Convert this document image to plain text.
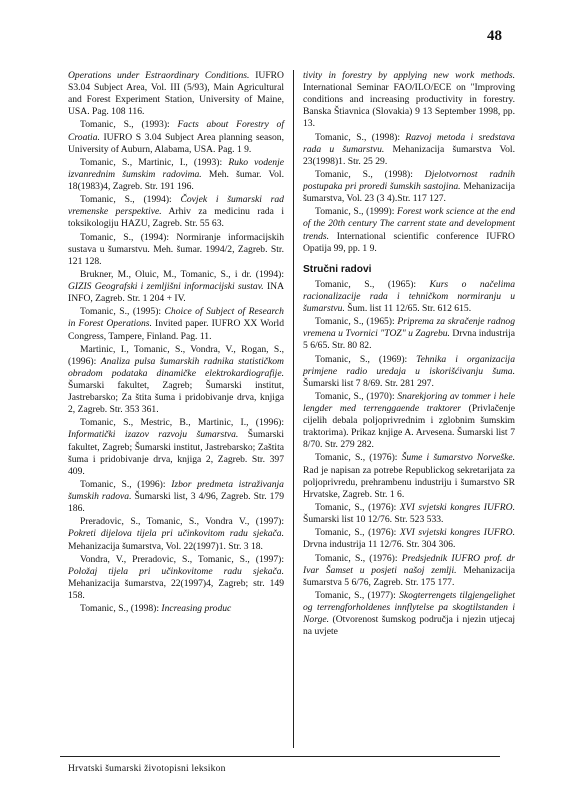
48

Operations under Estraordinary Conditions. IUFRO S3.04 Subject Area, Vol. III (5/93), Main Agricultural and Forest Experiment Station, University of Maine, USA. Pag. 108 116.

Tomanic, S., (1993): Facts about Forestry of Croatia. IUFRO S 3.04 Subject Area planning season, University of Auburn, Alabama, USA. Pag. 1 9.

Tomanic, S., Martinic, I., (1993): Ruko vodenje izvanrednim šumskim radovima. Meh. šumar. Vol. 18(1983)4, Zagreb. Str. 191 196.

Tomanic, S., (1994): Čovjek i šumarski rad vremenske perspektive. Arhiv za medicinu rada i toksikologiju HAZU, Zagreb. Str. 55 63.

Tomanic, S., (1994): Normiranje informacijskih sustava u šumarstvu. Meh. šumar. 1994/2, Zagreb. Str. 121 128.

Brukner, M., Oluic, M., Tomanic, S., i dr. (1994): GIZIS Geografski i zemljišni informacijski sustav. INA INFO, Zagreb. Str. 1 204 + IV.

Tomanic, S., (1995): Choice of Subject of Research in Forest Operations. Invited paper. IUFRO XX World Congress, Tampere, Finland. Pag. 11.

Martinic, I., Tomanic, S., Vondra, V., Rogan, S., (1996): Analiza pulsa šumarskih radnika statističkom obradom podataka dinamičke elektrokardiografije. Šumarski fakultet, Zagreb; Šumarski institut, Jastrebarsko; Za štita šuma i pridobivanje drva, knjiga 2, Zagreb. Str. 353 361.

Tomanic, S., Mestric, B., Martinic, I., (1996): Informatički izazov razvoju šumarstva. Šumarski fakultet, Zagreb; Šumarski institut, Jastrebarsko; Zaštita šuma i pridobivanje drva, knjiga 2, Zagreb. Str. 397 409.

Tomanic, S., (1996): Izbor predmeta istraživanja šumskih radova. Šumarski list, 3 4/96, Zagreb. Str. 179 186.

Preradovic, S., Tomanic, S., Vondra V., (1997): Pokreti dijelova tijela pri učinkovitom radu sjekača. Mehanizacija šumarstva, Vol. 22(1997)1. Str. 3 18.

Vondra, V., Preradovic, S., Tomanic, S., (1997): Položaj tijela pri učinkovitome radu sjekača. Mehanizacija šumarstva, 22(1997)4, Zagreb; str. 149 158.

Tomanic, S., (1998): Increasing produc

tivity in forestry by applying new work methods. International Seminar FAO/ILO/ECE on "Improving conditions and increasing productivity in forestry. Banska Štiavnica (Slovakia) 9 13 September 1998, pp. 13.

Tomanic, S., (1998): Razvoj metoda i sredstava rada u šumarstvu. Mehanizacija šumarstva Vol. 23(1998)1. Str. 25 29.

Tomanic, S., (1998): Djelotvornost radnih postupaka pri proredi šumskih sastojina. Mehanizacija šumarstva, Vol. 23 (3 4).Str. 117 127.

Tomanic, S., (1999): Forest work science at the end of the 20th century The carrent state and development trends. International scientific conference IUFRO Opatija 99, pp. 1 9.

Stručni radovi

Tomanic, S., (1965): Kurs o načelima racionalizacije rada i tehničkom normiranju u šumarstvu. Šum. list 11 12/65. Str. 612 615.

Tomanic, S., (1965): Priprema za skračenje radnog vremena u Tvornici "TOZ" u Zagrebu. Drvna industrija 5 6/65. Str. 80 82.

Tomanic, S., (1969): Tehnika i organizacija primjene radio uredaja u iskorišćivanju šuma. Šumarski list 7 8/69. Str. 281 297.

Tomanic, S., (1970): Snarekjoring av tommer i hele lengder med terrenggaende traktorer (Privlačenje cijelih debala poljoprivrednim i zglobnim šumskim traktorima). Prikaz knjige A. Arvesena. Šumarski list 7 8/70. Str. 279 282.

Tomanic, S., (1976): Šume i šumarstvo Norveške. Rad je napisan za potrebe Republickog sekretarijata za poljoprivredu, prehrambenu industriju i šumarstvo SR Hrvatske, Zagreb. Str. 1 6.

Tomanic, S., (1976): XVI svjetski kongres IUFRO. Šumarski list 10 12/76. Str. 523 533.

Tomanic, S., (1976): XVI svjetski kongres IUFRO. Drvna industrija 11 12/76. Str. 304 306.

Tomanic, S., (1976): Predsjednik IUFRO prof. dr Ivar Šamset u posjeti našoj zemlji. Mehanizacija šumarstva 5 6/76, Zagreb. Str. 175 177.

Tomanic, S., (1977): Skogterrengets tilgjengelighet og terrengforholdenes innflytelse pa skogtilstanden i Norge. (Otvorenost šumskog područja i njezin utjecaj na uvjete

Hrvatski šumarski životopisni leksikon
